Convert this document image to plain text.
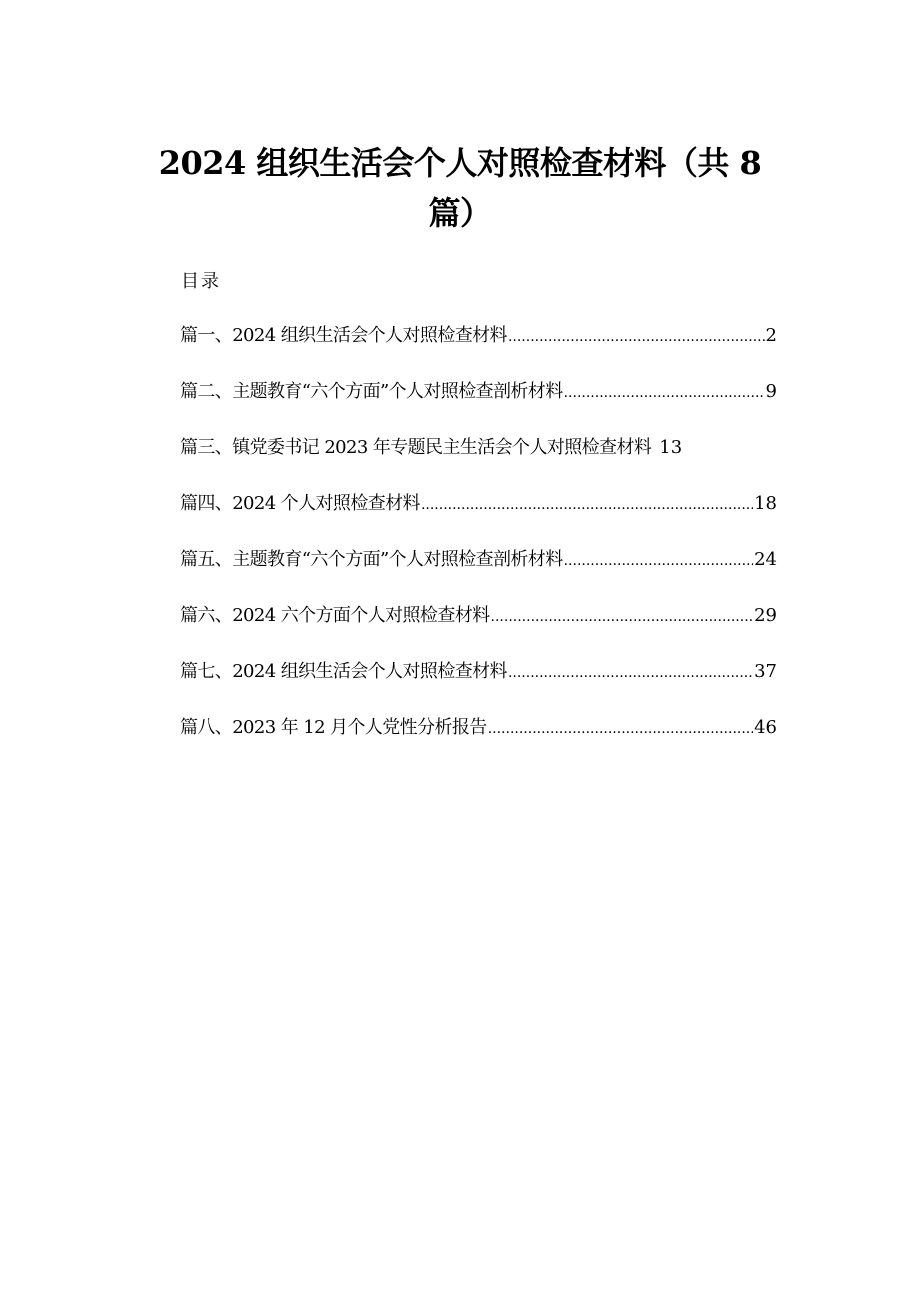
2024 组织生活会个人对照检查材料（共 8
篇）
目录
篇一、2024 组织生活会个人对照检查材料 .....	2
篇二、主题教育“六个方面”个人对照检查剖析材料 .....	9
篇三、镇党委书记 2023 年专题民主生活会个人对照检查材料 13
篇四、2024 个人对照检查材料 .....	18
篇五、主题教育“六个方面”个人对照检查剖析材料 .....	24
篇六、2024 六个方面个人对照检查材料 .....	29
篇七、2024 组织生活会个人对照检查材料 .....	37
篇八、2023 年 12 月个人党性分析报告 .....	46
